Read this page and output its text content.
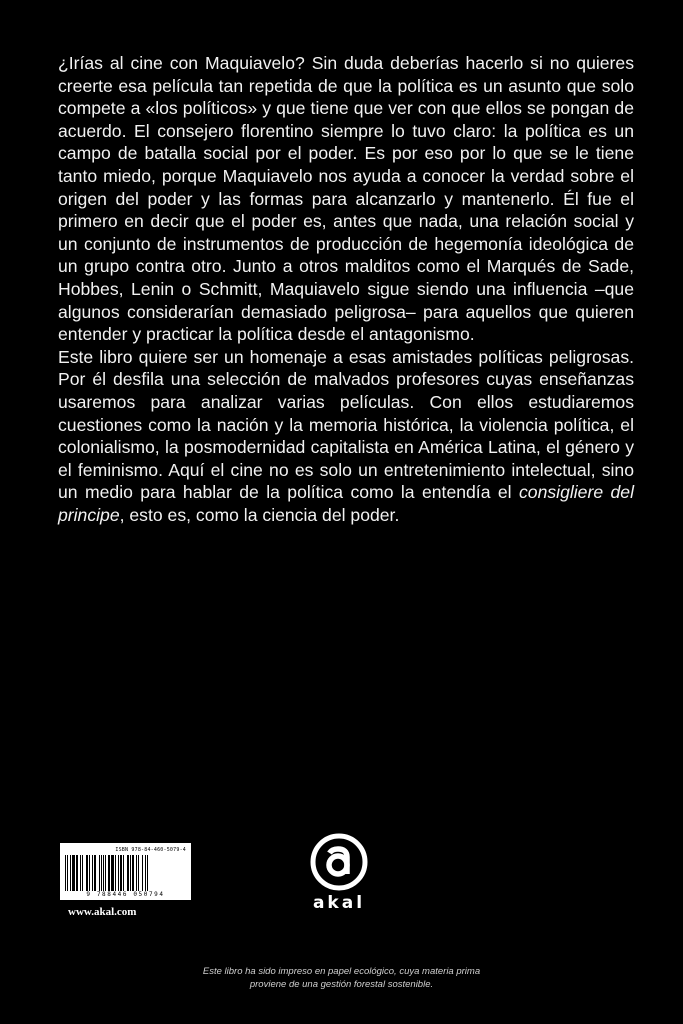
¿Irías al cine con Maquiavelo? Sin duda deberías hacerlo si no quieres creerte esa película tan repetida de que la política es un asunto que solo compete a «los políticos» y que tiene que ver con que ellos se pongan de acuerdo. El consejero florentino siempre lo tuvo claro: la política es un campo de batalla social por el poder. Es por eso por lo que se le tiene tanto miedo, porque Maquiavelo nos ayuda a conocer la verdad sobre el origen del poder y las formas para alcanzarlo y mantenerlo. Él fue el primero en decir que el poder es, antes que nada, una relación social y un conjunto de instrumentos de producción de hegemonía ideológica de un grupo contra otro. Junto a otros malditos como el Marqués de Sade, Hobbes, Lenin o Schmitt, Maquiavelo sigue siendo una influencia –que algunos considerarían demasiado peligrosa– para aquellos que quieren entender y practicar la política desde el antagonismo.

Este libro quiere ser un homenaje a esas amistades políticas peligrosas. Por él desfila una selección de malvados profesores cuyas enseñanzas usaremos para analizar varias películas. Con ellos estudiaremos cuestiones como la nación y la memoria histórica, la violencia política, el colonialismo, la posmodernidad capitalista en América Latina, el género y el feminismo. Aquí el cine no es solo un entretenimiento intelectual, sino un medio para hablar de la política como la entendía el consigliere del principe, esto es, como la ciencia del poder.

ISBN 978-84-460-5079-4
9 788446 050794
www.akal.com	akal

Este libro ha sido impreso en papel ecológico, cuya materia prima

proviene de una gestión forestal sostenible.
